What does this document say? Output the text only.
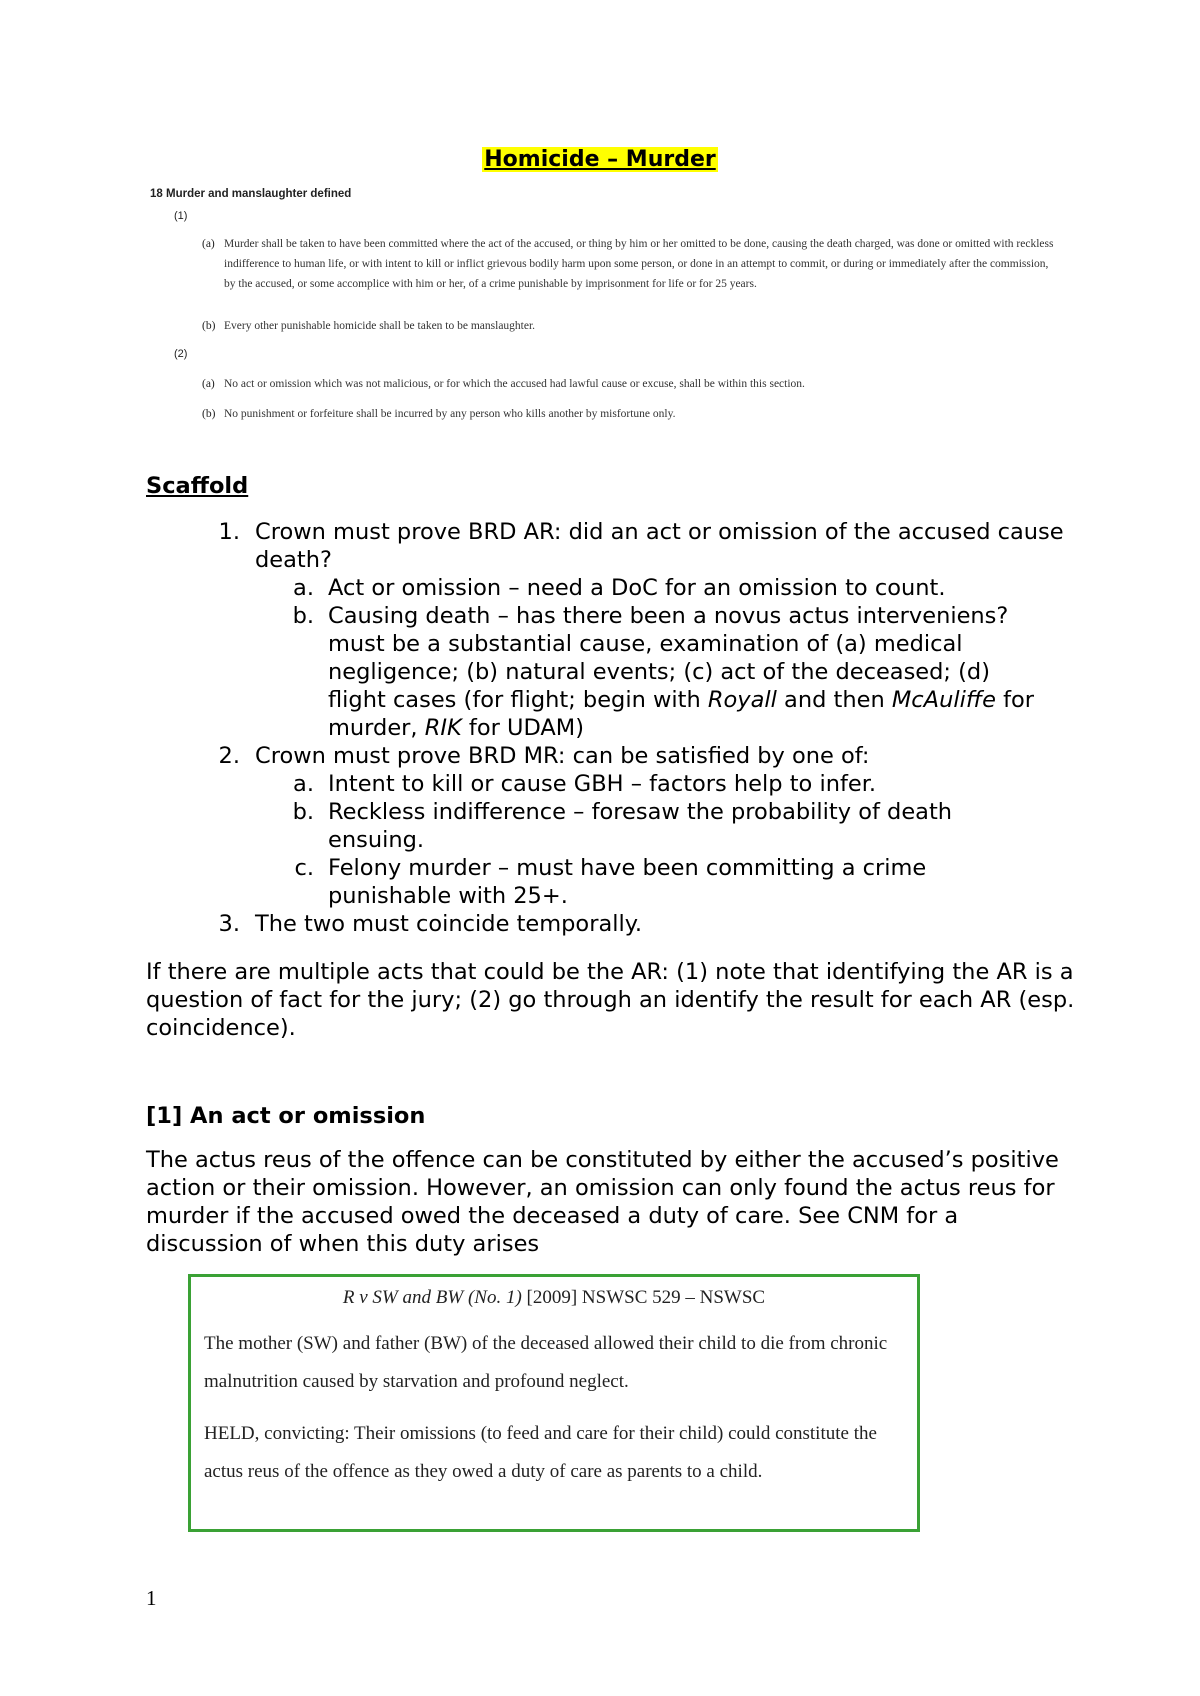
Homicide – Murder
18 Murder and manslaughter defined
(1)
(a) Murder shall be taken to have been committed where the act of the accused, or thing by him or her omitted to be done, causing the death charged, was done or omitted with reckless indifference to human life, or with intent to kill or inflict grievous bodily harm upon some person, or done in an attempt to commit, or during or immediately after the commission, by the accused, or some accomplice with him or her, of a crime punishable by imprisonment for life or for 25 years.
(b) Every other punishable homicide shall be taken to be manslaughter.
(2)
(a) No act or omission which was not malicious, or for which the accused had lawful cause or excuse, shall be within this section.
(b) No punishment or forfeiture shall be incurred by any person who kills another by misfortune only.
Scaffold
1. Crown must prove BRD AR: did an act or omission of the accused cause death?
a. Act or omission – need a DoC for an omission to count.
b. Causing death – has there been a novus actus interveniens? must be a substantial cause, examination of (a) medical negligence; (b) natural events; (c) act of the deceased; (d) flight cases (for flight; begin with Royall and then McAuliffe for murder, RIK for UDAM)
2. Crown must prove BRD MR: can be satisfied by one of:
a. Intent to kill or cause GBH – factors help to infer.
b. Reckless indifference – foresaw the probability of death ensuing.
c. Felony murder – must have been committing a crime punishable with 25+.
3. The two must coincide temporally.
If there are multiple acts that could be the AR: (1) note that identifying the AR is a question of fact for the jury; (2) go through an identify the result for each AR (esp. coincidence).
[1] An act or omission
The actus reus of the offence can be constituted by either the accused’s positive action or their omission. However, an omission can only found the actus reus for murder if the accused owed the deceased a duty of care. See CNM for a discussion of when this duty arises
R v SW and BW (No. 1) [2009] NSWSC 529 – NSWSC
The mother (SW) and father (BW) of the deceased allowed their child to die from chronic malnutrition caused by starvation and profound neglect.
HELD, convicting: Their omissions (to feed and care for their child) could constitute the actus reus of the offence as they owed a duty of care as parents to a child.
1
